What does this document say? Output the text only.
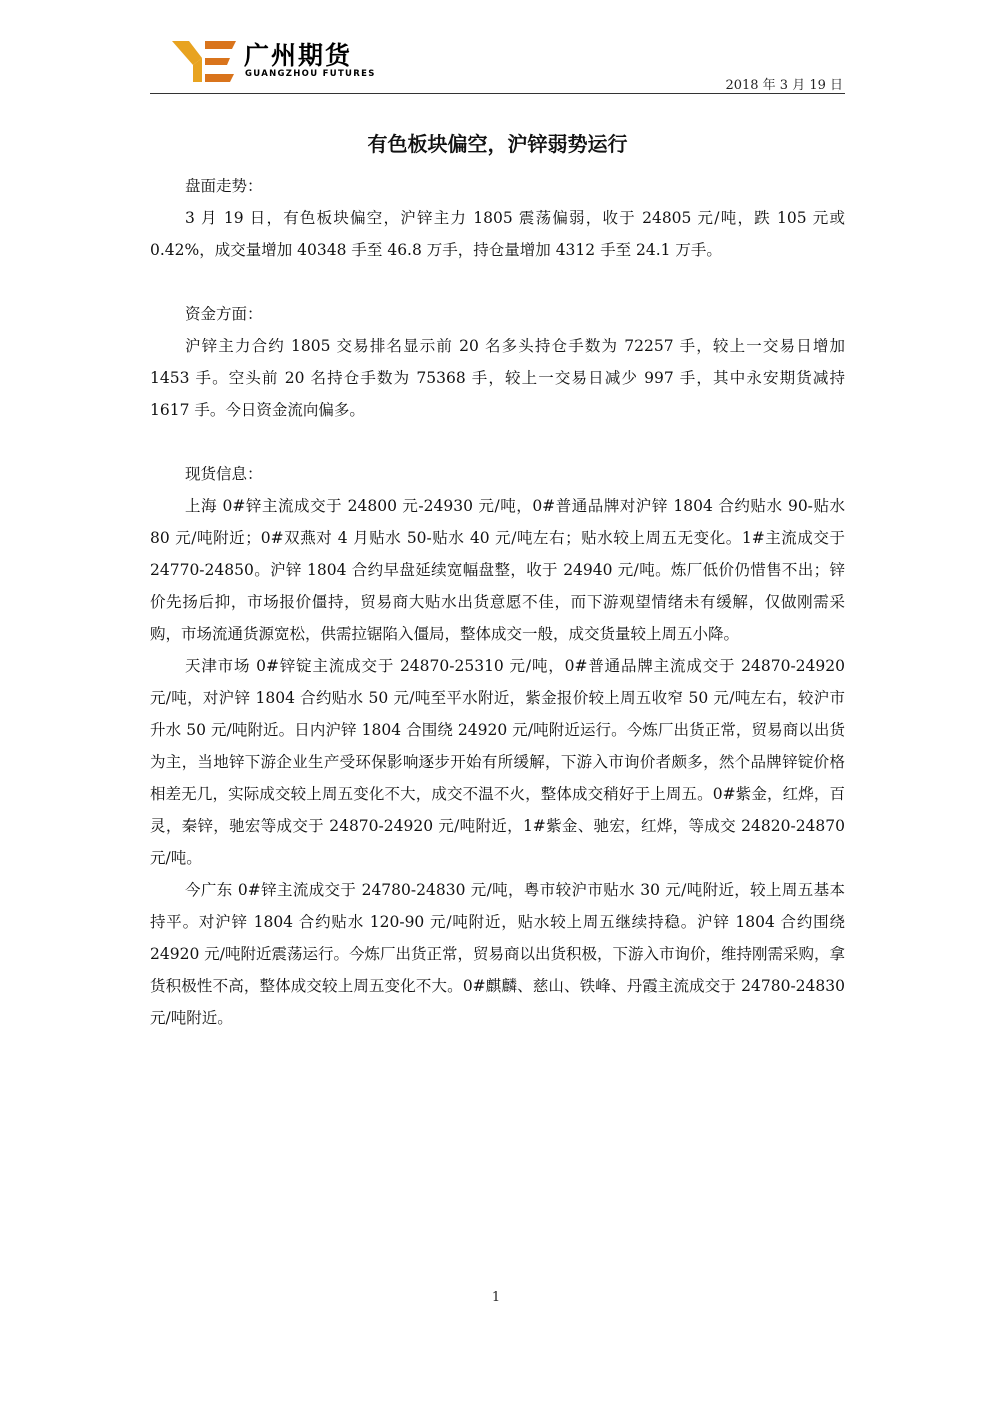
广州期货
GUANGZHOU FUTURES
2018 年 3 月 19 日
有色板块偏空，沪锌弱势运行

盘面走势：

3 月 19 日，有色板块偏空，沪锌主力 1805 震荡偏弱，收于 24805 元/吨，跌 105 元或 0.42%，成交量增加 40348 手至 46.8 万手，持仓量增加 4312 手至 24.1 万手。

资金方面：

沪锌主力合约 1805 交易排名显示前 20 名多头持仓手数为 72257 手，较上一交易日增加 1453 手。空头前 20 名持仓手数为 75368 手，较上一交易日减少 997 手，其中永安期货减持 1617 手。今日资金流向偏多。

现货信息：

上海 0#锌主流成交于 24800 元-24930 元/吨，0#普通品牌对沪锌 1804 合约贴水 90-贴水 80 元/吨附近；0#双燕对 4 月贴水 50-贴水 40 元/吨左右；贴水较上周五无变化。1#主流成交于 24770-24850。沪锌 1804 合约早盘延续宽幅盘整，收于 24940 元/吨。炼厂低价仍惜售不出；锌价先扬后抑，市场报价僵持，贸易商大贴水出货意愿不佳，而下游观望情绪未有缓解，仅做刚需采购，市场流通货源宽松，供需拉锯陷入僵局，整体成交一般，成交货量较上周五小降。

天津市场 0#锌锭主流成交于 24870-25310 元/吨，0#普通品牌主流成交于 24870-24920 元/吨，对沪锌 1804 合约贴水 50 元/吨至平水附近，紫金报价较上周五收窄 50 元/吨左右，较沪市升水 50 元/吨附近。日内沪锌 1804 合围绕 24920 元/吨附近运行。今炼厂出货正常，贸易商以出货为主，当地锌下游企业生产受环保影响逐步开始有所缓解，下游入市询价者颇多，然个品牌锌锭价格相差无几，实际成交较上周五变化不大，成交不温不火，整体成交稍好于上周五。0#紫金，红烨，百灵，秦锌，驰宏等成交于 24870-24920 元/吨附近，1#紫金、驰宏，红烨，等成交 24820-24870 元/吨。

今广东 0#锌主流成交于 24780-24830 元/吨，粤市较沪市贴水 30 元/吨附近，较上周五基本持平。对沪锌 1804 合约贴水 120-90 元/吨附近，贴水较上周五继续持稳。沪锌 1804 合约围绕 24920 元/吨附近震荡运行。今炼厂出货正常，贸易商以出货积极，下游入市询价，维持刚需采购，拿货积极性不高，整体成交较上周五变化不大。0#麒麟、慈山、铁峰、丹霞主流成交于 24780-24830 元/吨附近。

1
